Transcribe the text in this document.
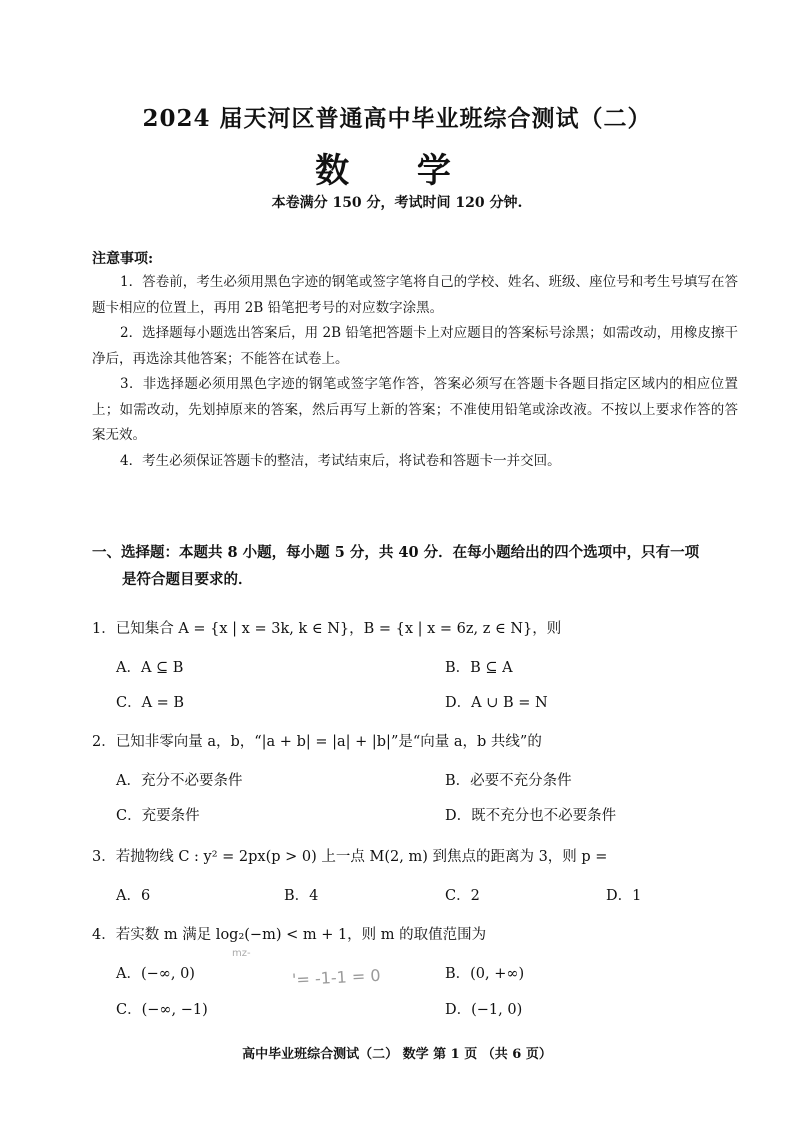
2024 届天河区普通高中毕业班综合测试（二）
数 学
本卷满分 150 分，考试时间 120 分钟.
注意事项:
1．答卷前，考生必须用黑色字迹的钢笔或签字笔将自己的学校、姓名、班级、座位号和考生号填写在答题卡相应的位置上，再用 2B 铅笔把考号的对应数字涂黑。
2．选择题每小题选出答案后，用 2B 铅笔把答题卡上对应题目的答案标号涂黑；如需改动，用橡皮擦干净后，再选涂其他答案；不能答在试卷上。
3．非选择题必须用黑色字迹的钢笔或签字笔作答，答案必须写在答题卡各题目指定区域内的相应位置上；如需改动，先划掉原来的答案，然后再写上新的答案；不准使用铅笔或涂改液。不按以上要求作答的答案无效。
4．考生必须保证答题卡的整洁，考试结束后，将试卷和答题卡一并交回。
一、选择题：本题共 8 小题，每小题 5 分，共 40 分．在每小题给出的四个选项中，只有一项
是符合题目要求的．
1．已知集合 A = {x | x = 3k, k ∈ N}，B = {x | x = 6z, z ∈ N}，则
A．A ⊆ B	B．B ⊆ A
C．A = B	D．A ∪ B = N
2．已知非零向量 a，b，“|a + b| = |a| + |b|”是“向量 a，b 共线”的
A．充分不必要条件	B．必要不充分条件
C．充要条件	D．既不充分也不必要条件
3．若抛物线 C : y² = 2px(p > 0) 上一点 M(2, m) 到焦点的距离为 3，则 p =
A．6	B．4	C．2	D．1
4．若实数 m 满足 log₂(−m) < m + 1，则 m 的取值范围为
A．(−∞, 0)	B．(0, +∞)
C．(−∞, −1)	D．(−1, 0)
mz-
'= -1-1 = 0
高中毕业班综合测试（二） 数学 第 1 页 （共 6 页）
